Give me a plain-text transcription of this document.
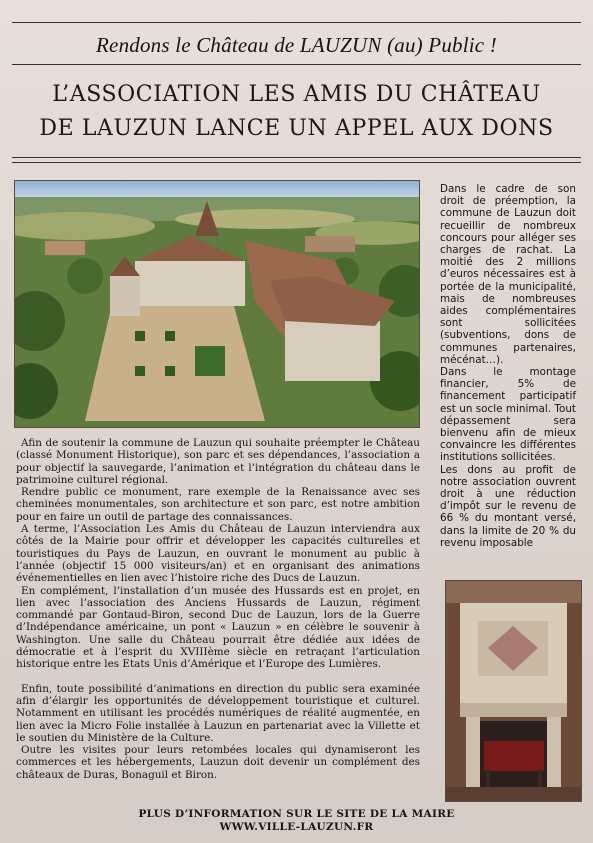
Rendons le Château de LAUZUN (au) Public !
L’ASSOCIATION LES AMIS DU CHÂTEAU
DE LAUZUN LANCE UN APPEL AUX DONS

Afin de soutenir la commune de Lauzun qui souhaite préempter le Château (classé Monument Historique), son parc et ses dépendances, l’association a pour objectif la sauvegarde, l’animation et l’intégration du château dans le patrimoine culturel régional.

Rendre public ce monument, rare exemple de la Renaissance avec ses cheminées monumentales, son architecture et son parc, est notre ambition pour en faire un outil de partage des connaissances.

A terme, l’Association Les Amis du Château de Lauzun interviendra aux côtés de la Mairie pour offrir et développer les capacités culturelles et touristiques du Pays de Lauzun, en ouvrant le monument au public à l’année (objectif 15 000 visiteurs/an) et en organisant des animations événementielles en lien avec l’histoire riche des Ducs de Lauzun.

En complément, l’installation d’un musée des Hussards est en projet, en lien avec l’association des Anciens Hussards de Lauzun, régiment commandé par Gontaud-Biron, second Duc de Lauzun, lors de la Guerre d’Indépendance américaine, un pont « Lauzun » en célèbre le souvenir à Washington. Une salle du Château pourrait être dédiée aux idées de démocratie et à l’esprit du XVIIIème siècle en retraçant l’articulation historique entre les Etats Unis d’Amérique et l’Europe des Lumières.

Enfin, toute possibilité d’animations en direction du public sera examinée afin d’élargir les opportunités de développement touristique et culturel. Notamment en utilisant les procédés numériques de réalité augmentée, en lien avec la Micro Folie installée à Lauzun en partenariat avec la Villette et le soutien du Ministère de la Culture.

Outre les visites pour leurs retombées locales qui dynamiseront les commerces et les hébergements, Lauzun doit devenir un complément des châteaux de Duras, Bonaguil et Biron.

Dans le cadre de son droit de préemption, la commune de Lauzun doit recueillir de nombreux concours pour alléger ses charges de rachat. La moitié des 2 millions d’euros nécessaires est à portée de la municipalité, mais de nombreuses aides complémentaires sont sollicitées (subventions, dons de communes partenaires, mécénat…).

Dans le montage financier, 5% de financement participatif est un socle minimal. Tout dépassement sera bienvenu afin de mieux convaincre les différentes institutions sollicitées.

Les dons au profit de notre association ouvrent droit à une réduction d’impôt sur le revenu de 66 % du montant versé, dans la limite de 20 % du revenu imposable

PLUS D’INFORMATION SUR LE SITE DE LA MAIRE
WWW.VILLE-LAUZUN.FR
